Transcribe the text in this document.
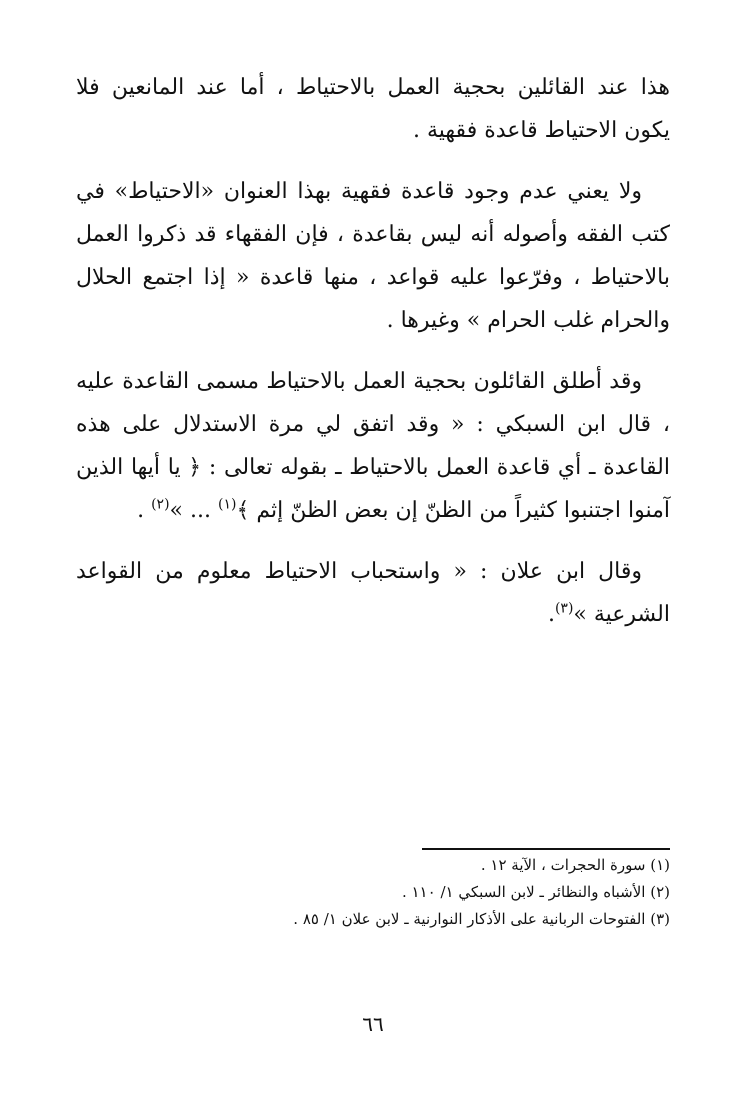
هذا عند القائلين بحجية العمل بالاحتياط ، أما عند المانعين فلا يكون الاحتياط قاعدة فقهية .

ولا يعني عدم وجود قاعدة فقهية بهذا العنوان «الاحتياط» في كتب الفقه وأصوله أنه ليس بقاعدة ، فإن الفقهاء قد ذكروا العمل بالاحتياط ، وفرّعوا عليه قواعد ، منها قاعدة « إذا اجتمع الحلال والحرام غلب الحرام » وغيرها .

وقد أطلق القائلون بحجية العمل بالاحتياط مسمى القاعدة عليه ، قال ابن السبكي : « وقد اتفق لي مرة الاستدلال على هذه القاعدة ـ أي قاعدة العمل بالاحتياط ـ بقوله تعالى : ﴿ يا أيها الذين آمنوا اجتنبوا كثيراً من الظنّ إن بعض الظنّ إثم ﴾$^{(١)}$ ... »$^{(٢)}$ .

وقال ابن علان : « واستحباب الاحتياط معلوم من القواعد الشرعية »$^{(٣)}$.

(١) سورة الحجرات ، الآية ١٢ .

(٢) الأشباه والنظائر ـ لابن السبكي ١/ ١١٠ .

(٣) الفتوحات الربانية على الأذكار النوارنية ـ لابن علان ١/ ٨٥ .

٦٦
